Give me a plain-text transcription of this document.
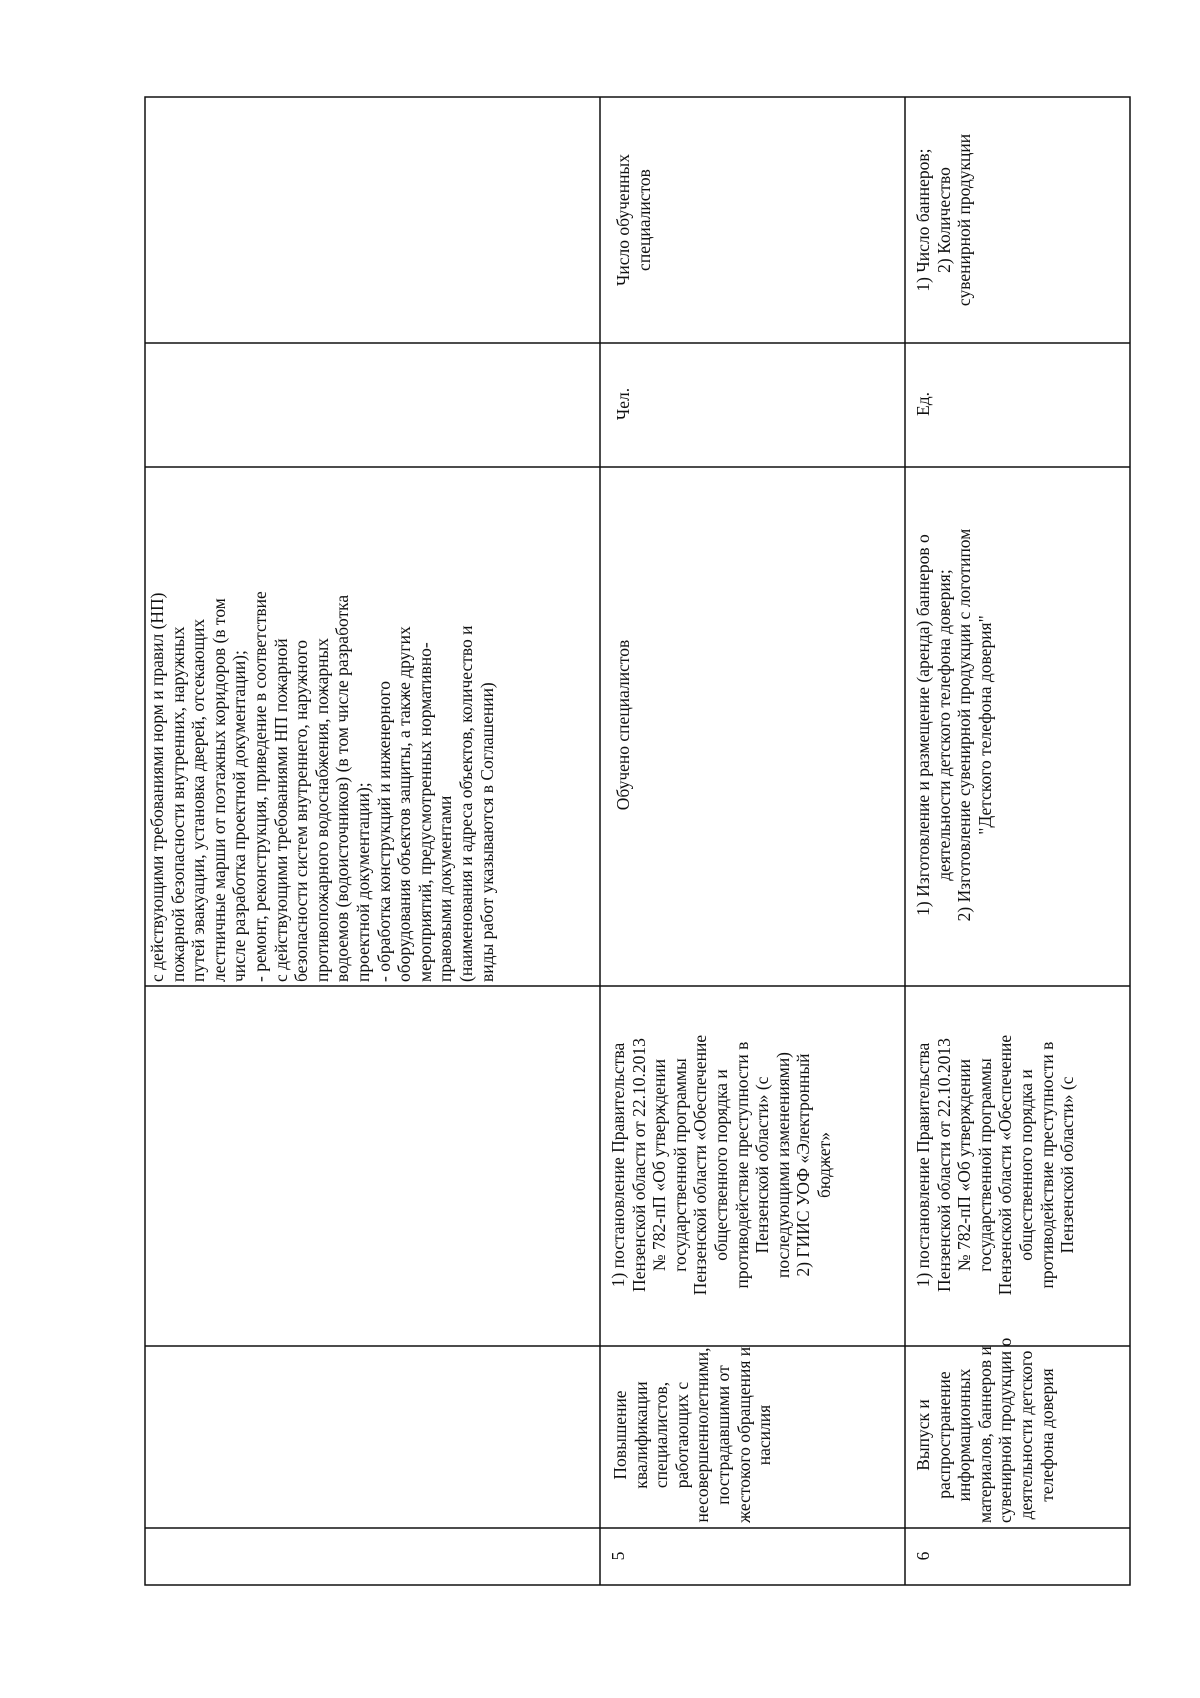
с действующими требованиями норм и правил (НП) пожарной безопасности внутренних, наружных путей эвакуации, установка дверей, отсекающих лестничные марши от поэтажных коридоров (в том числе разработка проектной документации); - ремонт, реконструкция, приведение в соответствие с действующими требованиями НП пожарной безопасности систем внутреннего, наружного противопожарного водоснабжения, пожарных водоемов (водоисточников) (в том числе разработка проектной документации); - обработка конструкций и инженерного оборудования объектов защиты, а также других мероприятий, предусмотренных нормативно- правовыми документами (наименования и адреса объектов, количество и виды работ указываются в Соглашении)
5
Повышение квалификации специалистов, работающих с несовершеннолетними, пострадавшими от жестокого обращения и насилия
1) постановление Правительства Пензенской области от 22.10.2013 № 782-пП «Об утверждении государственной программы Пензенской области «Обеспечение общественного порядка и противодействие преступности в Пензенской области» (с последующими изменениями) 2) ГИИС УОФ «Электронный бюджет»
Обучено специалистов
Чел.
Число обученных специалистов
6
Выпуск и распространение информационных материалов, баннеров и сувенирной продукции о деятельности детского телефона доверия
1) постановление Правительства Пензенской области от 22.10.2013 № 782-пП «Об утверждении государственной программы Пензенской области «Обеспечение общественного порядка и противодействие преступности в Пензенской области» (с
1) Изготовление и размещение (аренда) баннеров о деятельности детского телефона доверия; 2) Изготовление сувенирной продукции с логотипом "Детского телефона доверия"
Ед.
1) Число баннеров; 2) Количество сувенирной продукции
